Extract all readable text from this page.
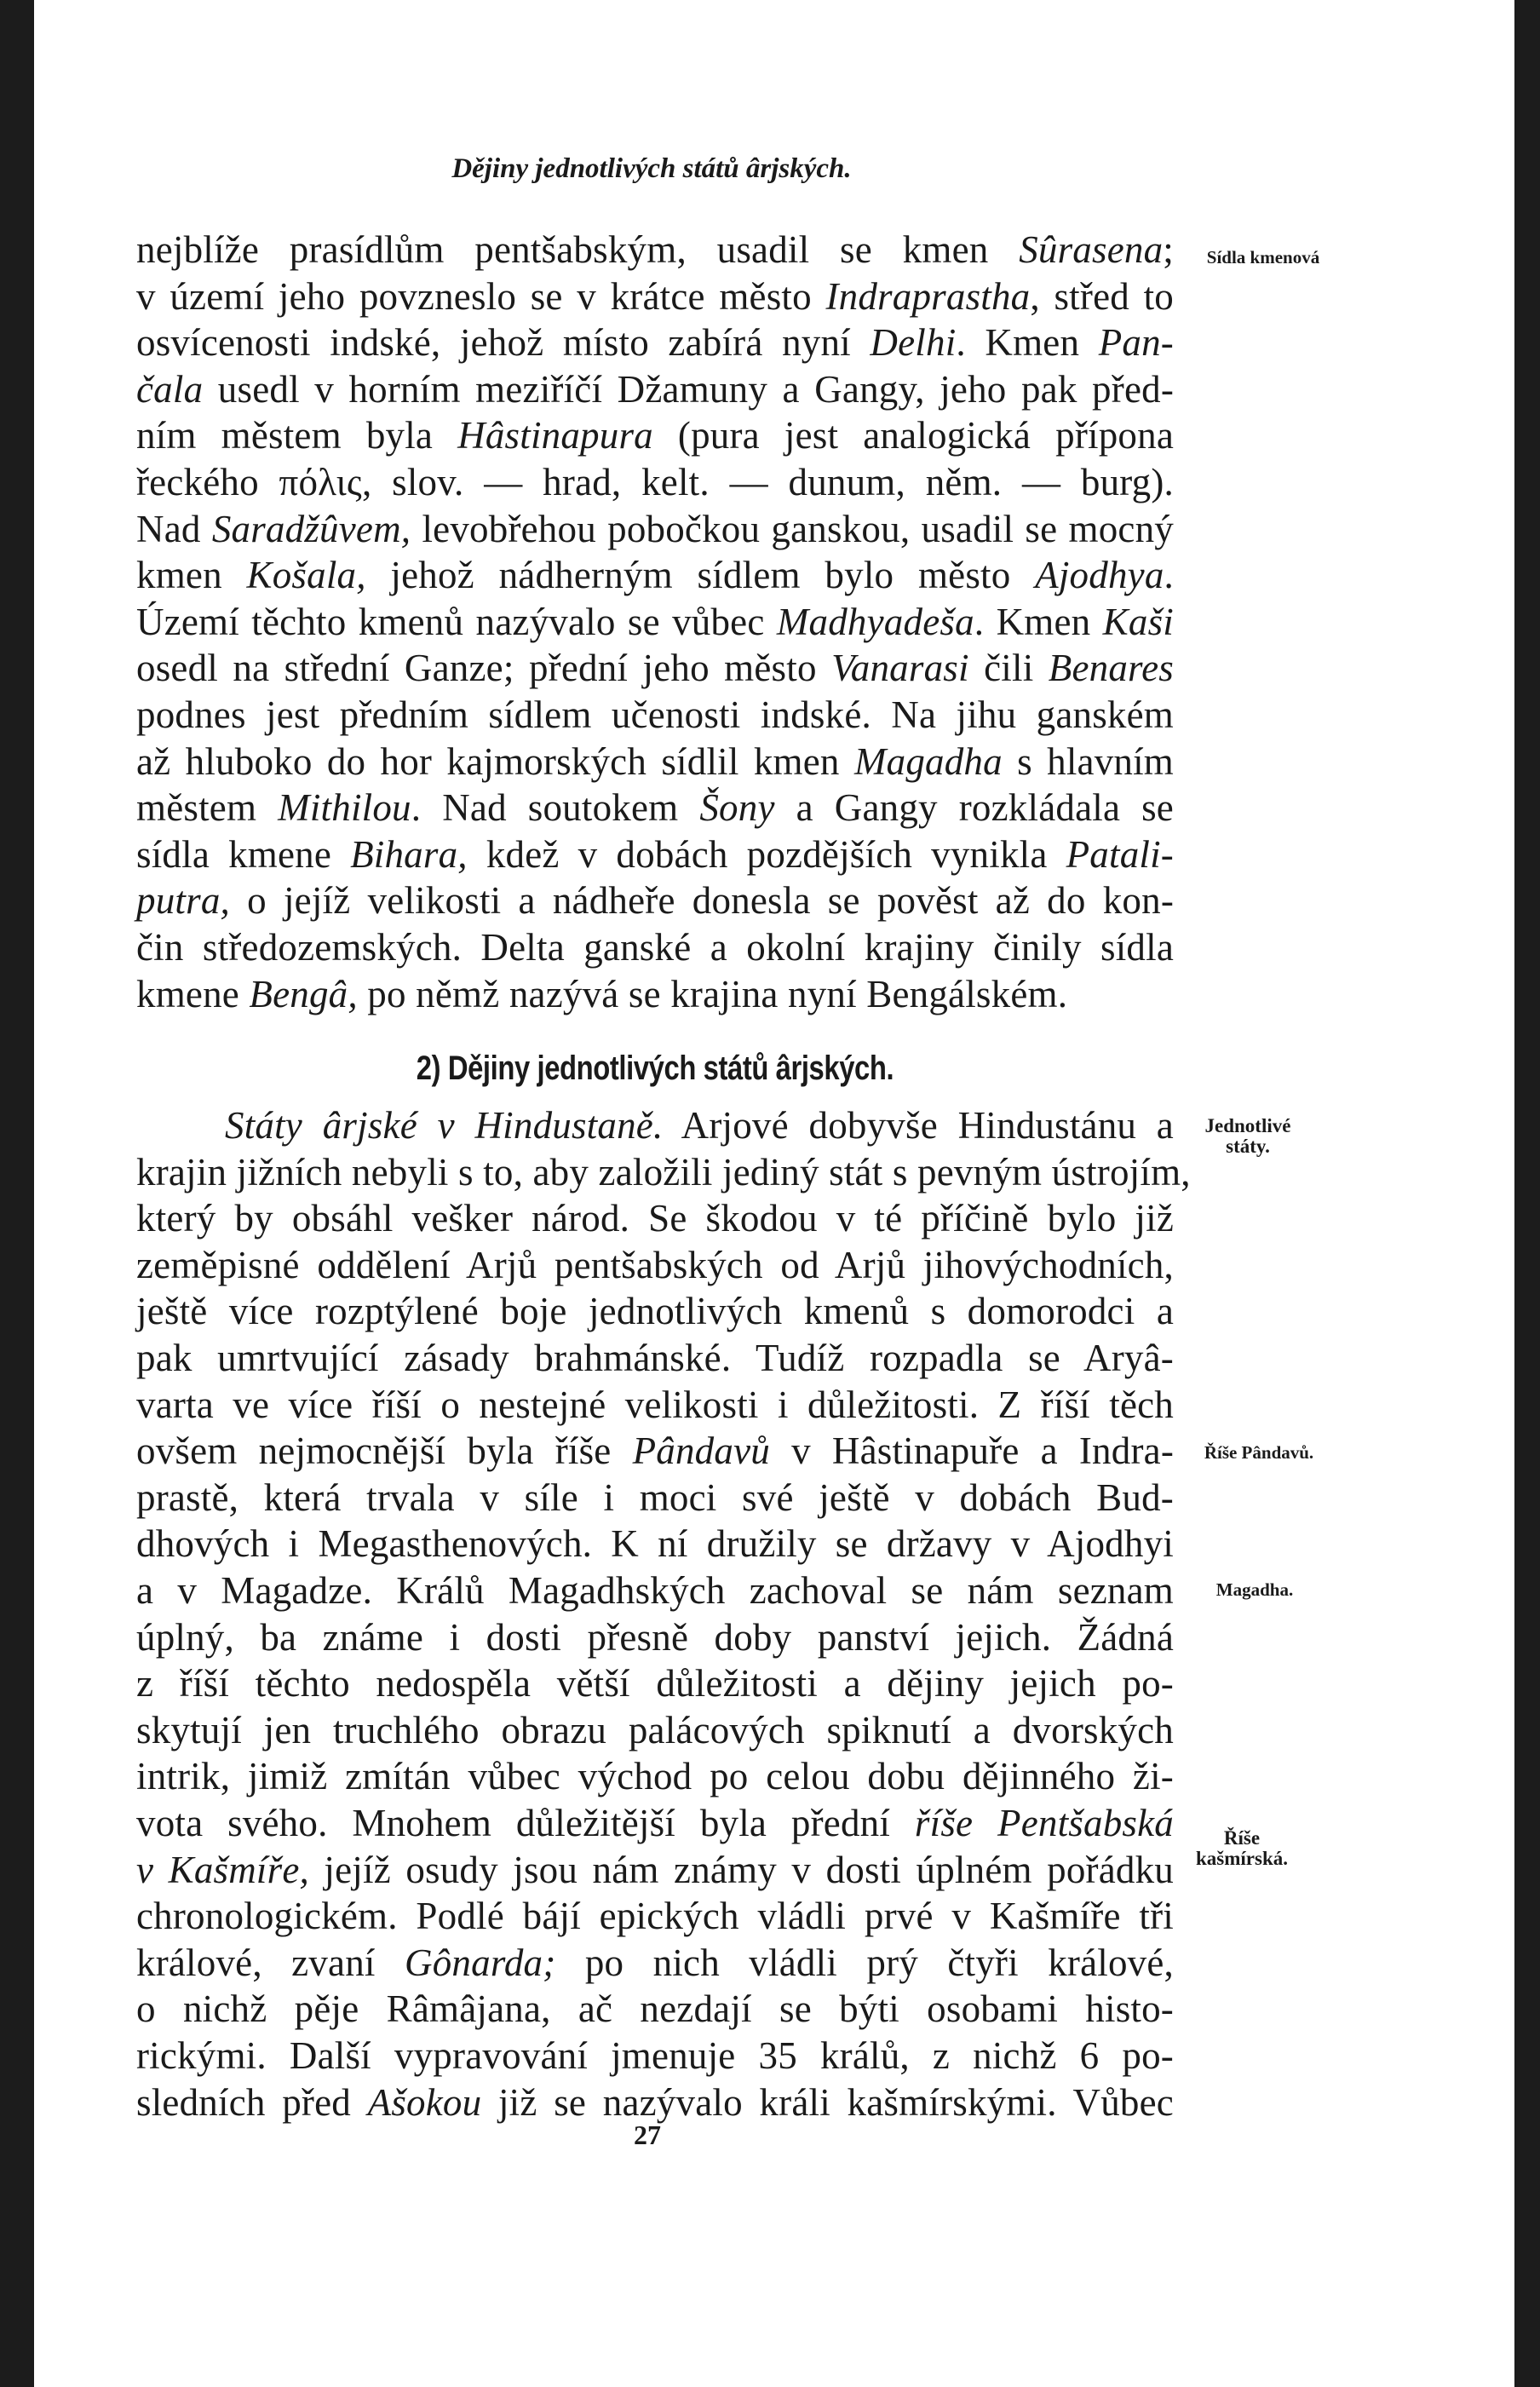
Dějiny jednotlivých států ârjských.
nejblíže prasídlům pentšabským, usadil se kmen Sûrasena;
v území jeho povzneslo se v krátce město Indraprastha, střed to
osvícenosti indské, jehož místo zabírá nyní Delhi. Kmen Pan-
čala usedl v horním meziříčí Džamuny a Gangy, jeho pak před-
ním městem byla Hâstinapura (pura jest analogická přípona
řeckého πόλις, slov. — hrad, kelt. — dunum, něm. — burg).
Nad Saradžûvem, levobřehou pobočkou ganskou, usadil se mocný
kmen Košala, jehož nádherným sídlem bylo město Ajodhya.
Území těchto kmenů nazývalo se vůbec Madhyadeša. Kmen Kaši
osedl na střední Ganze; přední jeho město Vanarasi čili Benares
podnes jest předním sídlem učenosti indské. Na jihu ganském
až hluboko do hor kajmorských sídlil kmen Magadha s hlavním
městem Mithilou. Nad soutokem Šony a Gangy rozkládala se
sídla kmene Bihara, kdež v dobách pozdějších vynikla Patali-
putra, o jejíž velikosti a nádheře donesla se pověst až do kon-
čin středozemských. Delta ganské a okolní krajiny činily sídla
kmene Bengâ, po němž nazývá se krajina nyní Bengálském.
2) Dějiny jednotlivých států ârjských.
Státy ârjské v Hindustaně. Arjové dobyvše Hindustánu a
krajin jižních nebyli s to, aby založili jediný stát s pevným ústrojím,
který by obsáhl vešker národ. Se škodou v té příčině bylo již
zeměpisné oddělení Arjů pentšabských od Arjů jihovýchodních,
ještě více rozptýlené boje jednotlivých kmenů s domorodci a
pak umrtvující zásady brahmánské. Tudíž rozpadla se Aryâ-
varta ve více říší o nestejné velikosti i důležitosti. Z říší těch
ovšem nejmocnější byla říše Pândavů v Hâstinapuře a Indra-
prastě, která trvala v síle i moci své ještě v dobách Bud-
dhových i Megasthenových. K ní družily se državy v Ajodhyi
a v Magadze. Králů Magadhských zachoval se nám seznam
úplný, ba známe i dosti přesně doby panství jejich. Žádná
z říší těchto nedospěla větší důležitosti a dějiny jejich po-
skytují jen truchlého obrazu palácových spiknutí a dvorských
intrik, jimiž zmítán vůbec východ po celou dobu dějinného ži-
vota svého. Mnohem důležitější byla přední říše Pentšabská
v Kašmíře, jejíž osudy jsou nám známy v dosti úplném pořádku
chronologickém. Podlé bájí epických vládli prvé v Kašmíře tři
králové, zvaní Gônarda; po nich vládli prý čtyři králové,
o nichž pěje Râmâjana, ač nezdají se býti osobami histo-
rickými. Další vypravování jmenuje 35 králů, z nichž 6 po-
sledních před Ašokou již se nazývalo králi kašmírskými. Vůbec
Sídla kmenová
Jednotlivé
státy.
Říše Pândavů.
Magadha.
Říše
kašmírská.
27
